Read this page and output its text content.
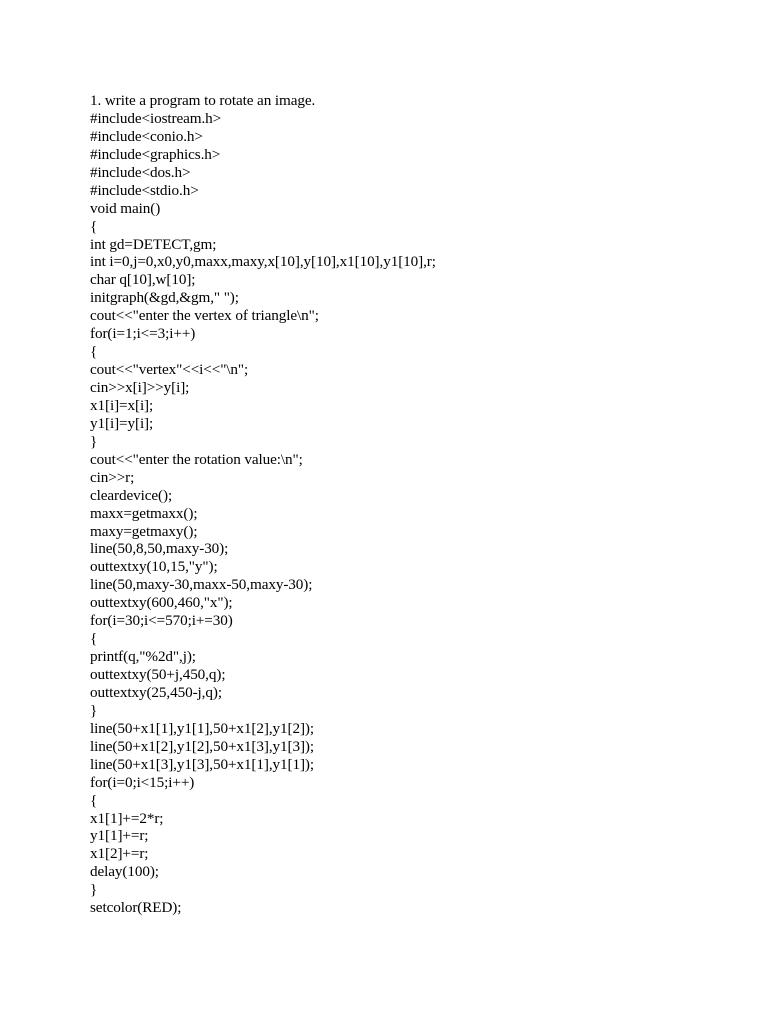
1. write a program to rotate an image.
#include<iostream.h>
#include<conio.h>
#include<graphics.h>
#include<dos.h>
#include<stdio.h>
void main()
{
int gd=DETECT,gm;
int i=0,j=0,x0,y0,maxx,maxy,x[10],y[10],x1[10],y1[10],r;
char q[10],w[10];
initgraph(&gd,&gm," ");
cout<<"enter the vertex of triangle\n";
for(i=1;i<=3;i++)
{
cout<<"vertex"<<i<<"\n";
cin>>x[i]>>y[i];
x1[i]=x[i];
y1[i]=y[i];
}
cout<<"enter the rotation value:\n";
cin>>r;
cleardevice();
maxx=getmaxx();
maxy=getmaxy();
line(50,8,50,maxy-30);
outtextxy(10,15,"y");
line(50,maxy-30,maxx-50,maxy-30);
outtextxy(600,460,"x");
for(i=30;i<=570;i+=30)
{
printf(q,"%2d",j);
outtextxy(50+j,450,q);
outtextxy(25,450-j,q);
}
line(50+x1[1],y1[1],50+x1[2],y1[2]);
line(50+x1[2],y1[2],50+x1[3],y1[3]);
line(50+x1[3],y1[3],50+x1[1],y1[1]);
for(i=0;i<15;i++)
{
x1[1]+=2*r;
y1[1]+=r;
x1[2]+=r;
delay(100);
}
setcolor(RED);
